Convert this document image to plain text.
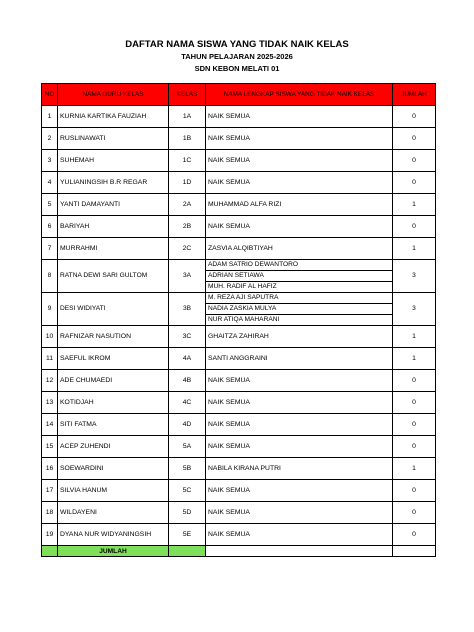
DAFTAR NAMA SISWA YANG TIDAK NAIK KELAS
TAHUN PELAJARAN 2025-2026
SDN KEBON MELATI 01
NO	NAMA GURU KELAS	KELAS	NAMA LENGKAP SISWA YANG TIDAK NAIK KELAS	JUMLAH
1	KURNIA KARTIKA FAUZIAH	1A	NAIK SEMUA	0
2	RUSLINAWATI	1B	NAIK SEMUA	0
3	SUHEMAH	1C	NAIK SEMUA	0
4	YULIANINGSIH B.R REGAR	1D	NAIK SEMUA	0
5	YANTI DAMAYANTI	2A	MUHAMMAD ALFA RIZI	1
6	BARIYAH	2B	NAIK SEMUA	0
7	MURRAHMI	2C	ZASVIA ALQIBTIYAH	1
8	RATNA DEWI SARI GULTOM	3A	ADAM SATRIO DEWANTORO	3
			ADRIAN SETIAWA	
			MUH. RADIF AL HAFIZ	
9	DESI WIDIYATI	3B	M. REZA AJI SAPUTRA	3
			NADIA ZASKIA MULYA	
			NUR ATIQA MAHARANI	
10	RAFNIZAR NASUTION	3C	GHAITZA ZAHIRAH	1
11	SAEFUL IKROM	4A	SANTI ANGGRAINI	1
12	ADE CHUMAEDI	4B	NAIK SEMUA	0
13	KOTIDJAH	4C	NAIK SEMUA	0
14	SITI FATMA	4D	NAIK SEMUA	0
15	ACEP ZUHENDI	5A	NAIK SEMUA	0
16	SOEWARDINI	5B	NABILA KIRANA PUTRI	1
17	SILVIA HANUM	5C	NAIK SEMUA	0
18	WILDAYENI	5D	NAIK SEMUA	0
19	DYANA NUR WIDYANINGSIH	5E	NAIK SEMUA	0
	JUMLAH			
